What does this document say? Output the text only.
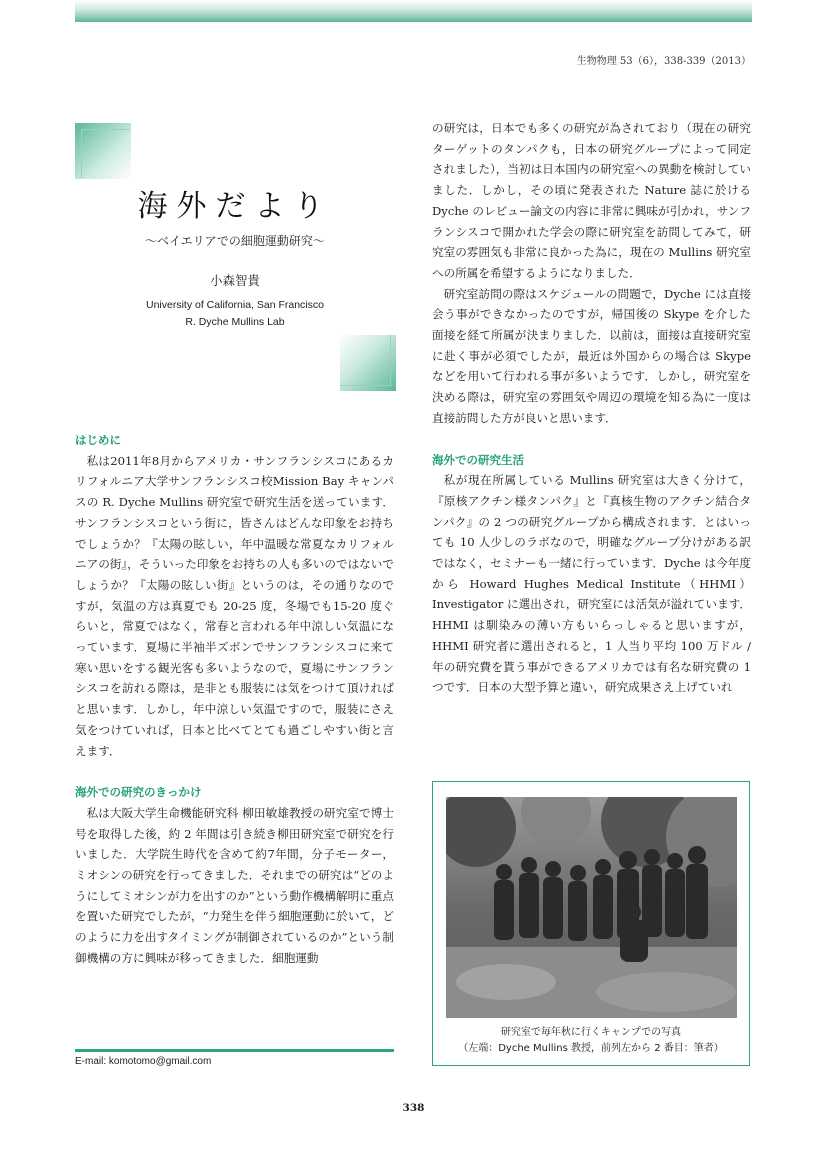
生物物理 53（6），338-339（2013）
海外だより
〜ベイエリアでの細胞運動研究〜
小森智貴
University of California, San Francisco
R. Dyche Mullins Lab
はじめに

私は2011年8月からアメリカ・サンフランシスコにあるカリフォルニア大学サンフランシスコ校Mission Bay キャンパスの R. Dyche Mullins 研究室で研究生活を送っています．サンフランシスコという街に，皆さんはどんな印象をお持ちでしょうか？『太陽の眩しい，年中温暖な常夏なカリフォルニアの街』，そういった印象をお持ちの人も多いのではないでしょうか？『太陽の眩しい街』というのは，その通りなのですが，気温の方は真夏でも 20-25 度，冬場でも15-20 度ぐらいと，常夏ではなく，常春と言われる年中涼しい気温になっています．夏場に半袖半ズボンでサンフランシスコに来て寒い思いをする観光客も多いようなので，夏場にサンフランシスコを訪れる際は，是非とも服装には気をつけて頂ければと思います．しかし，年中涼しい気温ですので，服装にさえ気をつけていれば，日本と比べてとても過ごしやすい街と言えます．

海外での研究のきっかけ

私は大阪大学生命機能研究科 柳田敏雄教授の研究室で博士号を取得した後，約 2 年間は引き続き柳田研究室で研究を行いました．大学院生時代を含めて約7年間，分子モーター，ミオシンの研究を行ってきました．それまでの研究は“どのようにしてミオシンが力を出すのか”という動作機構解明に重点を置いた研究でしたが，“力発生を伴う細胞運動に於いて，どのように力を出すタイミングが制御されているのか”という制御機構の方に興味が移ってきました．細胞運動

の研究は，日本でも多くの研究が為されており（現在の研究ターゲットのタンパクも，日本の研究グループによって同定されました），当初は日本国内の研究室への異動を検討していました．しかし，その頃に発表された Nature 誌に於ける Dyche のレビュー論文の内容に非常に興味が引かれ，サンフランシスコで開かれた学会の際に研究室を訪問してみて，研究室の雰囲気も非常に良かった為に，現在の Mullins 研究室への所属を希望するようになりました．

研究室訪問の際はスケジュールの問題で，Dyche には直接会う事ができなかったのですが，帰国後の Skype を介した面接を経て所属が決まりました．以前は，面接は直接研究室に赴く事が必須でしたが，最近は外国からの場合は Skype などを用いて行われる事が多いようです．しかし，研究室を決める際は，研究室の雰囲気や周辺の環境を知る為に一度は直接訪問した方が良いと思います．

海外での研究生活

私が現在所属している Mullins 研究室は大きく分けて，『原核アクチン様タンパク』と『真核生物のアクチン結合タンパク』の 2 つの研究グループから構成されます．とはいっても 10 人少しのラボなので，明確なグループ分けがある訳ではなく，セミナーも一緒に行っています．Dyche は今年度から Howard Hughes Medical Institute（HHMI）Investigator に選出され，研究室には活気が溢れています．HHMI は馴染みの薄い方もいらっしゃると思いますが，HHMI 研究者に選出されると，1 人当り平均 100 万ドル / 年の研究費を貰う事ができるアメリカでは有名な研究費の 1 つです．日本の大型予算と違い，研究成果さえ上げていれ

研究室で毎年秋に行くキャンプでの写真
（左端：Dyche Mullins 教授，前列左から 2 番目：筆者）
E-mail: komotomo@gmail.com
338
